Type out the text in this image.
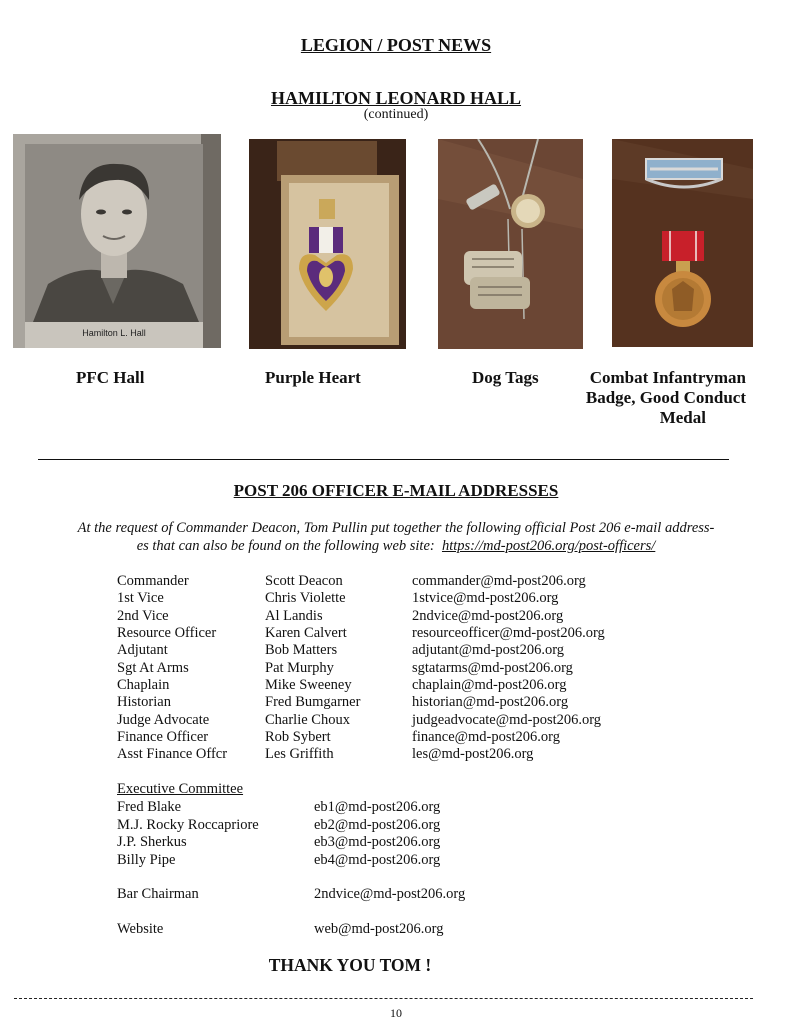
LEGION / POST NEWS
HAMILTON LEONARD HALL
(continued)
Hamilton L. Hall
PFC Hall	Purple Heart	Dog Tags	Combat Infantryman
Badge, Good Conduct
Medal
POST 206 OFFICER E-MAIL ADDRESSES
At the request of Commander Deacon, Tom Pullin put together the following official Post 206 e-mail address-
es that can also be found on the following web site: https://md-post206.org/post-officers/
Commander	Scott Deacon	commander@md-post206.org
1st Vice	Chris Violette	1stvice@md-post206.org
2nd Vice	Al Landis	2ndvice@md-post206.org
Resource Officer	Karen Calvert	resourceofficer@md-post206.org
Adjutant	Bob Matters	adjutant@md-post206.org
Sgt At Arms	Pat Murphy	sgtatarms@md-post206.org
Chaplain	Mike Sweeney	chaplain@md-post206.org
Historian	Fred Bumgarner	historian@md-post206.org
Judge Advocate	Charlie Choux	judgeadvocate@md-post206.org
Finance Officer	Rob Sybert	finance@md-post206.org
Asst Finance Offcr	Les Griffith	les@md-post206.org
Executive Committee
Fred Blake	eb1@md-post206.org
M.J. Rocky Roccapriore	eb2@md-post206.org
J.P. Sherkus	eb3@md-post206.org
Billy Pipe	eb4@md-post206.org
Bar Chairman	2ndvice@md-post206.org
Website	web@md-post206.org
THANK YOU TOM !
10
